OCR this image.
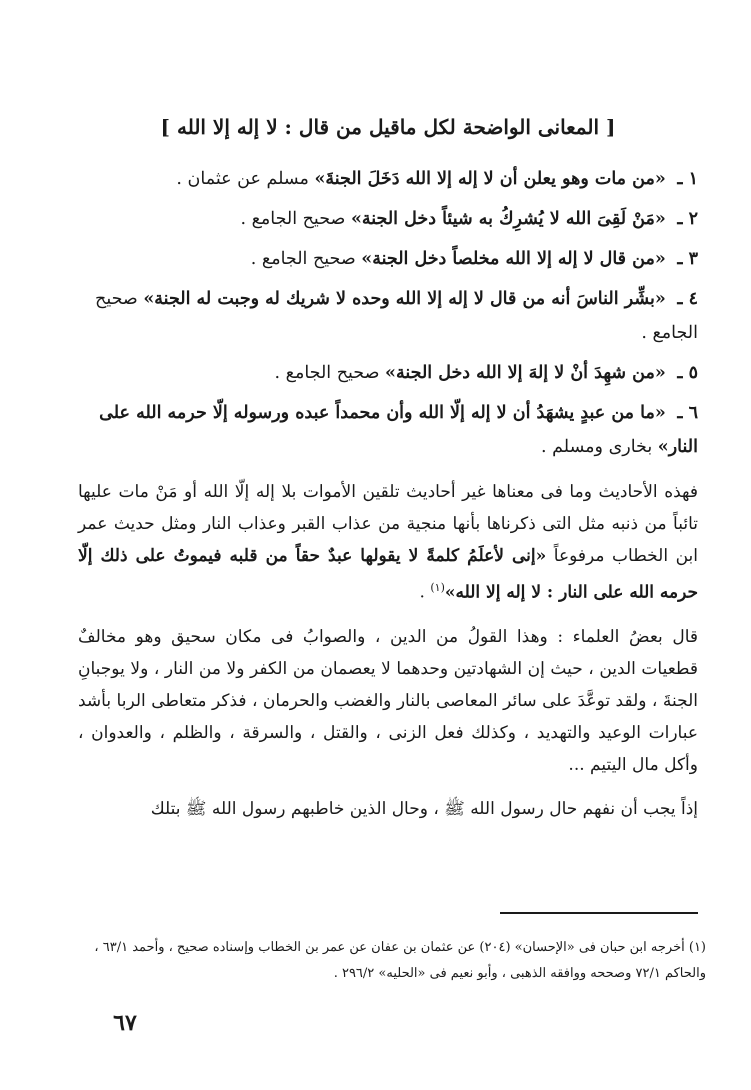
[ المعانى الواضحة لكل ماقيل من قال : لا إله إلا الله ]
١ ـ «من مات وهو يعلن أن لا إله إلا الله دَخَلَ الجنةَ» مسلم عن عثمان .
٢ ـ «مَنْ لَقِىَ الله لا يُشرِكُ به شيئاً دخل الجنة» صحيح الجامع .
٣ ـ «من قال لا إله إلا الله مخلصاً دخل الجنة» صحيح الجامع .
٤ ـ «بشِّر الناسَ أنه من قال لا إله إلا الله وحده لا شريك له وجبت له الجنة» صحيح الجامع .
٥ ـ «من شهِدَ أنْ لا إلهَ إلا الله دخل الجنة» صحيح الجامع .
٦ ـ «ما من عبدٍ يشهَدُ أن لا إله إلّا الله وأن محمداً عبده ورسوله إلّا حرمه الله على النار» بخارى ومسلم .
فهذه الأحاديث وما فى معناها غير أحاديث تلقين الأموات بلا إله إلّا الله أو مَنْ مات عليها تائباً من ذنبه مثل التى ذكرناها بأنها منجية من عذاب القبر وعذاب النار ومثل حديث عمر ابن الخطاب مرفوعاً «إنى لأعلَمُ كلمةً لا يقولها عبدٌ حقاً من قلبه فيموتُ على ذلك إلّا حرمه الله على النار : لا إله إلا الله»$^{(١)}$ .
قال بعضُ العلماء : وهذا القولُ من الدين ، والصوابُ فى مكان سحيق وهو مخالفٌ قطعيات الدين ، حيث إن الشهادتين وحدهما لا يعصمان من الكفر ولا من النار ، ولا يوجبانِ الجنةَ ، ولقد توعَّدَ على سائر المعاصى بالنار والغضب والحرمان ، فذكر متعاطى الربا بأشد عبارات الوعيد والتهديد ، وكذلك فعل الزنى ، والقتل ، والسرقة ، والظلم ، والعدوان ، وأكل مال اليتيم ...
إذاً يجب أن نفهم حال رسول الله ﷺ ، وحال الذين خاطبهم رسول الله ﷺ بتلك
(١) أخرجه ابن حبان فى «الإحسان» (٢٠٤) عن عثمان بن عفان عن عمر بن الخطاب وإسناده صحيح ، وأحمد ٦٣/١ ، والحاكم ٧٢/١ وصححه ووافقه الذهبى ، وأبو نعيم فى «الحليه» ٢٩٦/٢ .
٦٧
